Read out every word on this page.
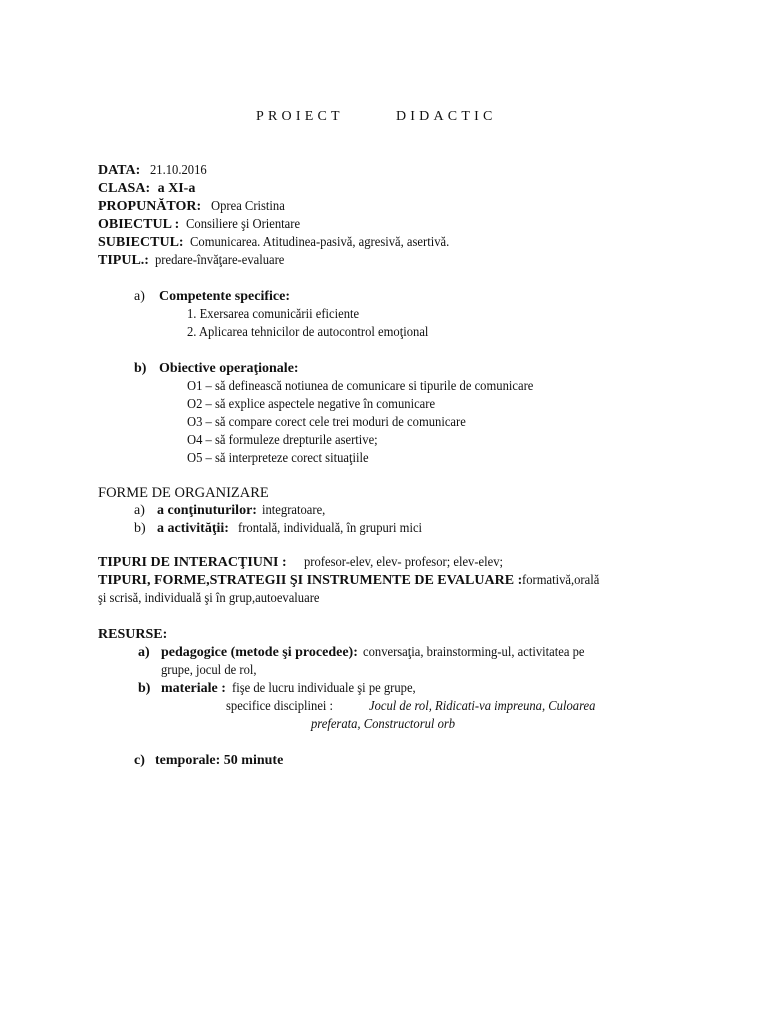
PROIECT	DIDACTIC
DATA: 21.10.2016
CLASA: a XI-a
PROPUNĂTOR: Oprea Cristina
OBIECTUL : Consiliere şi Orientare
SUBIECTUL: Comunicarea. Atitudinea-pasivă, agresivă, asertivă.
TIPUL.: predare-învăţare-evaluare
a) Competente specifice:
1. Exersarea comunicării eficiente
2. Aplicarea tehnicilor de autocontrol emoţional
b) Obiective operaţionale:
O1 – să definească notiunea de comunicare si tipurile de comunicare
O2 – să explice aspectele negative în comunicare
O3 – să compare corect cele trei moduri de comunicare
O4 – să formuleze drepturile asertive;
O5 – să interpreteze corect situaţiile
FORME DE ORGANIZARE
a) a conţinuturilor: integratoare,
b) a activităţii: frontală, individuală, în grupuri mici
TIPURI DE INTERACŢIUNI : profesor-elev, elev- profesor; elev-elev;
TIPURI, FORME,STRATEGII ŞI INSTRUMENTE DE EVALUARE :formativă,orală
şi scrisă, individuală şi în grup,autoevaluare
RESURSE:
a) pedagogice (metode şi procedee): conversaţia, brainstorming-ul, activitatea pe
grupe, jocul de rol,
b) materiale : fişe de lucru individuale şi pe grupe,
specifice disciplinei :	Jocul de rol, Ridicati-va impreuna, Culoarea
preferata, Constructorul orb
c) temporale: 50 minute
